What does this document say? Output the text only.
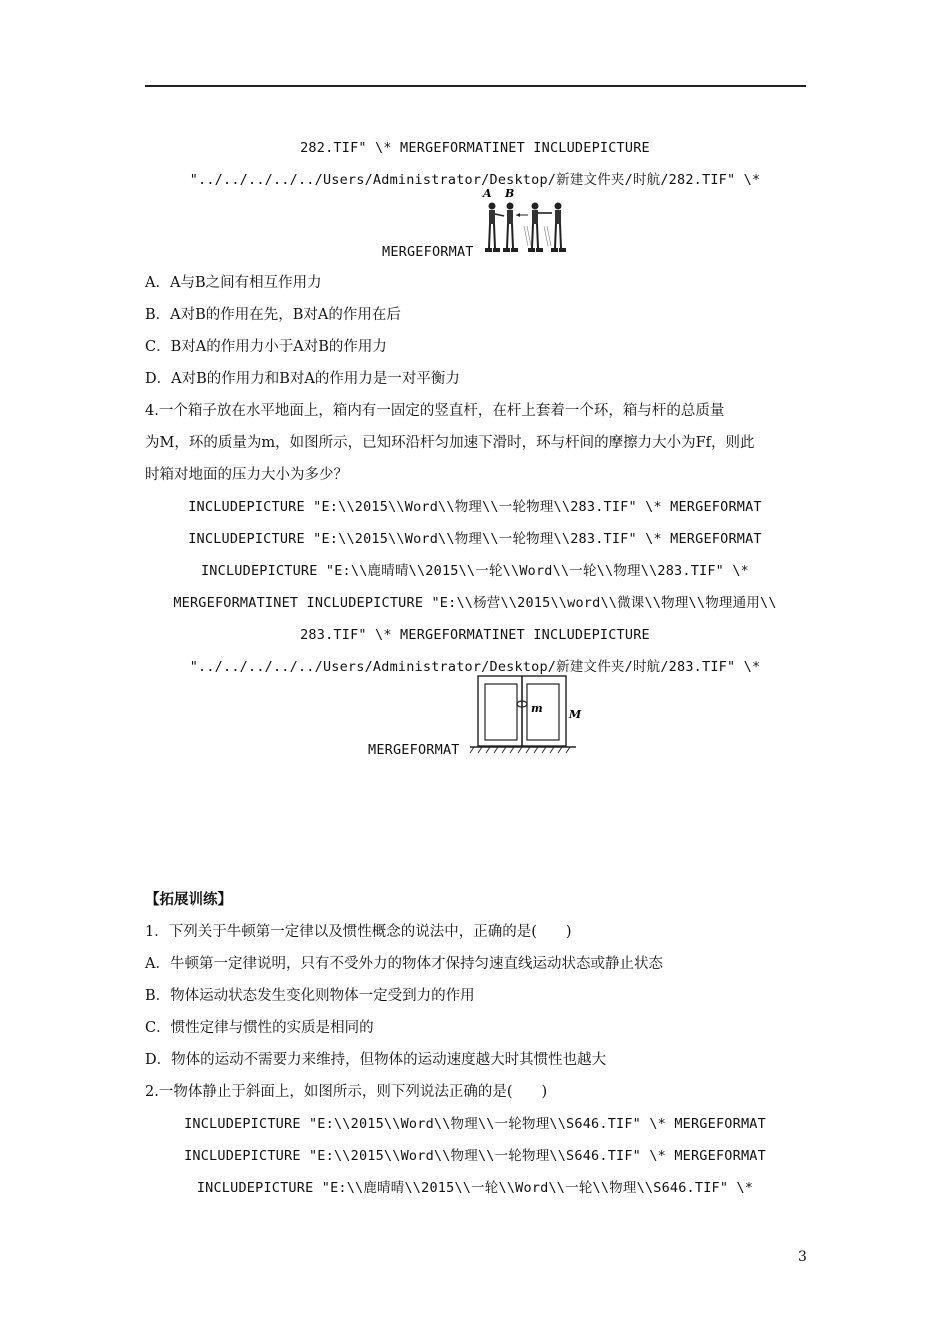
282.TIF" \* MERGEFORMATINET INCLUDEPICTURE
"../../../../../Users/Administrator/Desktop/新建文件夹/时航/282.TIF" \*
MERGEFORMAT
A B
A．A与B之间有相互作用力
B．A对B的作用在先，B对A的作用在后
C．B对A的作用力小于A对B的作用力
D．A对B的作用力和B对A的作用力是一对平衡力
4.一个箱子放在水平地面上，箱内有一固定的竖直杆，在杆上套着一个环，箱与杆的总质量
为M，环的质量为m，如图所示，已知环沿杆匀加速下滑时，环与杆间的摩擦力大小为Ff，则此
时箱对地面的压力大小为多少？
INCLUDEPICTURE "E:\\2015\\Word\\物理\\一轮物理\\283.TIF" \* MERGEFORMAT
INCLUDEPICTURE "E:\\2015\\Word\\物理\\一轮物理\\283.TIF" \* MERGEFORMAT
INCLUDEPICTURE "E:\\鹿晴晴\\2015\\一轮\\Word\\一轮\\物理\\283.TIF" \*
MERGEFORMATINET INCLUDEPICTURE "E:\\杨营\\2015\\word\\微课\\物理\\物理通用\\
283.TIF" \* MERGEFORMATINET INCLUDEPICTURE
"../../../../../Users/Administrator/Desktop/新建文件夹/时航/283.TIF" \*
MERGEFORMAT
m M
【拓展训练】
1．下列关于牛顿第一定律以及惯性概念的说法中，正确的是(　　)
A．牛顿第一定律说明，只有不受外力的物体才保持匀速直线运动状态或静止状态
B．物体运动状态发生变化则物体一定受到力的作用
C．惯性定律与惯性的实质是相同的
D．物体的运动不需要力来维持，但物体的运动速度越大时其惯性也越大
2.一物体静止于斜面上，如图所示，则下列说法正确的是(　　)
INCLUDEPICTURE "E:\\2015\\Word\\物理\\一轮物理\\S646.TIF" \* MERGEFORMAT
INCLUDEPICTURE "E:\\2015\\Word\\物理\\一轮物理\\S646.TIF" \* MERGEFORMAT
INCLUDEPICTURE "E:\\鹿晴晴\\2015\\一轮\\Word\\一轮\\物理\\S646.TIF" \*
3
